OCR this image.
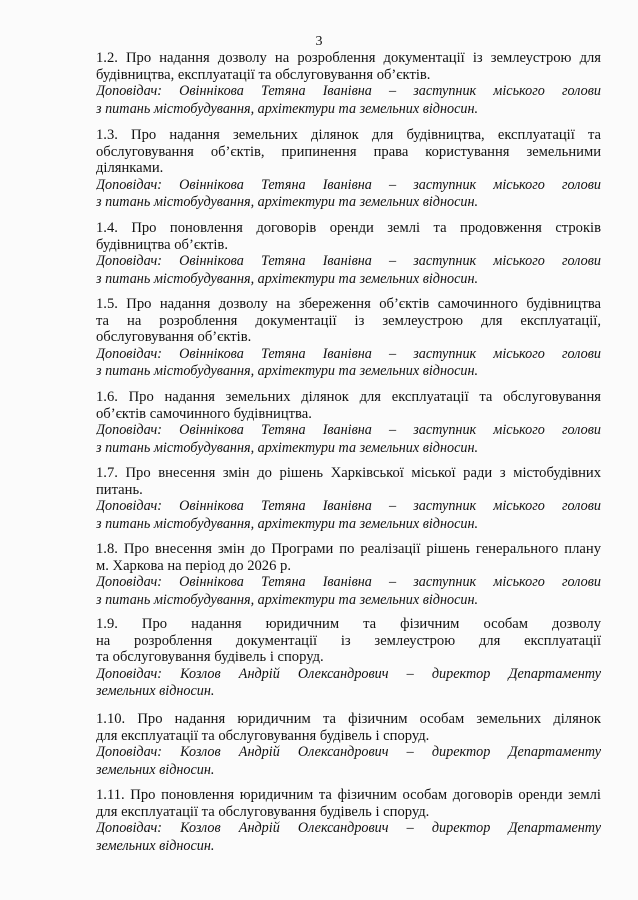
3
1.2. Про надання дозволу на розроблення документації із землеустрою для
будівництва, експлуатації та обслуговування об’єктів.
Доповідач: Овіннікова Тетяна Іванівна – заступник міського голови
з питань містобудування, архітектури та земельних відносин.
1.3. Про надання земельних ділянок для будівництва, експлуатації та
обслуговування об’єктів, припинення права користування земельними
ділянками.
Доповідач: Овіннікова Тетяна Іванівна – заступник міського голови
з питань містобудування, архітектури та земельних відносин.
1.4. Про поновлення договорів оренди землі та продовження строків
будівництва об’єктів.
Доповідач: Овіннікова Тетяна Іванівна – заступник міського голови
з питань містобудування, архітектури та земельних відносин.
1.5. Про надання дозволу на збереження об’єктів самочинного будівництва
та на розроблення документації із землеустрою для експлуатації,
обслуговування об’єктів.
Доповідач: Овіннікова Тетяна Іванівна – заступник міського голови
з питань містобудування, архітектури та земельних відносин.
1.6. Про надання земельних ділянок для експлуатації та обслуговування
об’єктів самочинного будівництва.
Доповідач: Овіннікова Тетяна Іванівна – заступник міського голови
з питань містобудування, архітектури та земельних відносин.
1.7. Про внесення змін до рішень Харківської міської ради з містобудівних
питань.
Доповідач: Овіннікова Тетяна Іванівна – заступник міського голови
з питань містобудування, архітектури та земельних відносин.
1.8. Про внесення змін до Програми по реалізації рішень генерального плану
м. Харкова на період до 2026 р.
Доповідач: Овіннікова Тетяна Іванівна – заступник міського голови
з питань містобудування, архітектури та земельних відносин.
1.9. Про надання юридичним та фізичним особам дозволу
на розроблення документації із землеустрою для експлуатації
та обслуговування будівель і споруд.
Доповідач: Козлов Андрій Олександрович – директор Департаменту
земельних відносин.
1.10. Про надання юридичним та фізичним особам земельних ділянок
для експлуатації та обслуговування будівель і споруд.
Доповідач: Козлов Андрій Олександрович – директор Департаменту
земельних відносин.
1.11. Про поновлення юридичним та фізичним особам договорів оренди землі
для експлуатації та обслуговування будівель і споруд.
Доповідач: Козлов Андрій Олександрович – директор Департаменту
земельних відносин.
